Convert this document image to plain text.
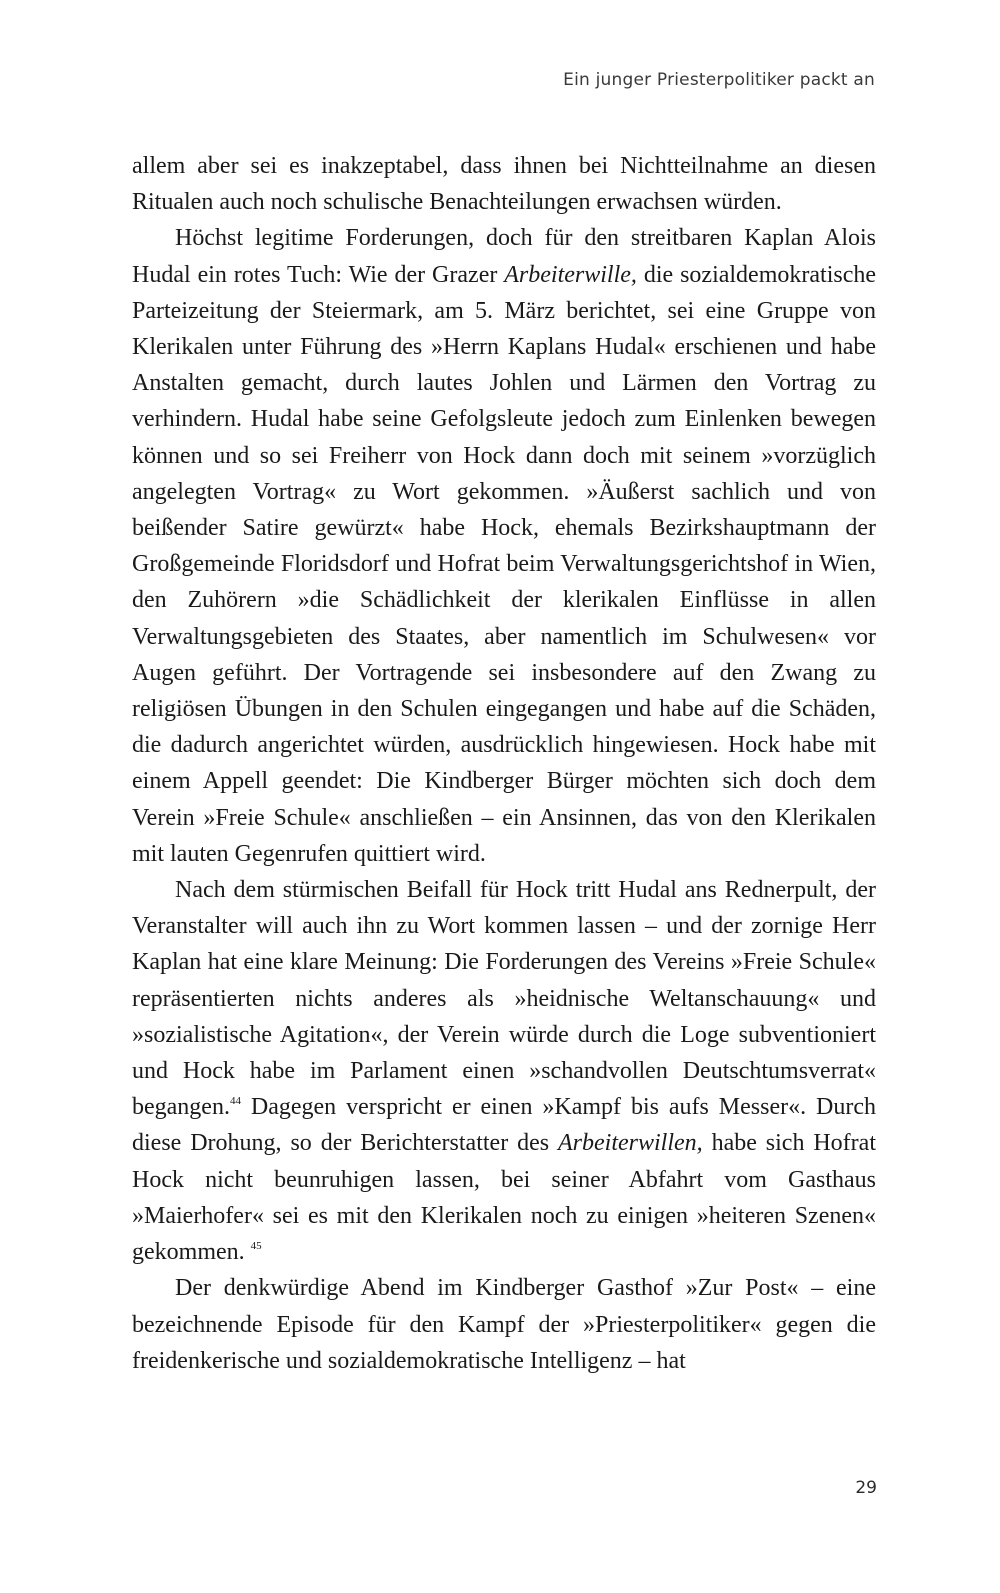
Ein junger Priesterpolitiker packt an

allem aber sei es inakzeptabel, dass ihnen bei Nichtteilnahme an diesen Ritualen auch noch schulische Benachteilungen erwachsen würden.

Höchst legitime Forderungen, doch für den streitbaren Kaplan Alois Hudal ein rotes Tuch: Wie der Grazer Arbeiterwille, die sozialdemokratische Parteizeitung der Steiermark, am 5. März berichtet, sei eine Gruppe von Klerikalen unter Führung des »Herrn Kaplans Hudal« erschienen und habe Anstalten gemacht, durch lautes Johlen und Lärmen den Vortrag zu verhindern. Hudal habe seine Gefolgsleute jedoch zum Einlenken bewegen können und so sei Freiherr von Hock dann doch mit seinem »vorzüglich angelegten Vortrag« zu Wort gekommen. »Äußerst sachlich und von beißender Satire gewürzt« habe Hock, ehemals Bezirkshauptmann der Großgemeinde Floridsdorf und Hofrat beim Verwaltungsgerichtshof in Wien, den Zuhörern »die Schädlichkeit der klerikalen Einflüsse in allen Verwaltungsgebieten des Staates, aber namentlich im Schulwesen« vor Augen geführt. Der Vortragende sei insbesondere auf den Zwang zu religiösen Übungen in den Schulen eingegangen und habe auf die Schäden, die dadurch angerichtet würden, ausdrücklich hingewiesen. Hock habe mit einem Appell geendet: Die Kindberger Bürger möchten sich doch dem Verein »Freie Schule« anschließen – ein Ansinnen, das von den Klerikalen mit lauten Gegenrufen quittiert wird.

Nach dem stürmischen Beifall für Hock tritt Hudal ans Rednerpult, der Veranstalter will auch ihn zu Wort kommen lassen – und der zornige Herr Kaplan hat eine klare Meinung: Die Forderungen des Vereins »Freie Schule« repräsentierten nichts anderes als »heidnische Weltanschauung« und »sozialistische Agitation«, der Verein würde durch die Loge subventioniert und Hock habe im Parlament einen »schandvollen Deutschtumsverrat« begangen.$^{44}$ Dagegen verspricht er einen »Kampf bis aufs Messer«. Durch diese Drohung, so der Berichterstatter des Arbeiterwillen, habe sich Hofrat Hock nicht beunruhigen lassen, bei seiner Abfahrt vom Gasthaus »Maierhofer« sei es mit den Klerikalen noch zu einigen »heiteren Szenen« gekommen. $^{45}$

Der denkwürdige Abend im Kindberger Gasthof »Zur Post« – eine bezeichnende Episode für den Kampf der »Priesterpolitiker« gegen die freidenkerische und sozialdemokratische Intelligenz – hat

29
